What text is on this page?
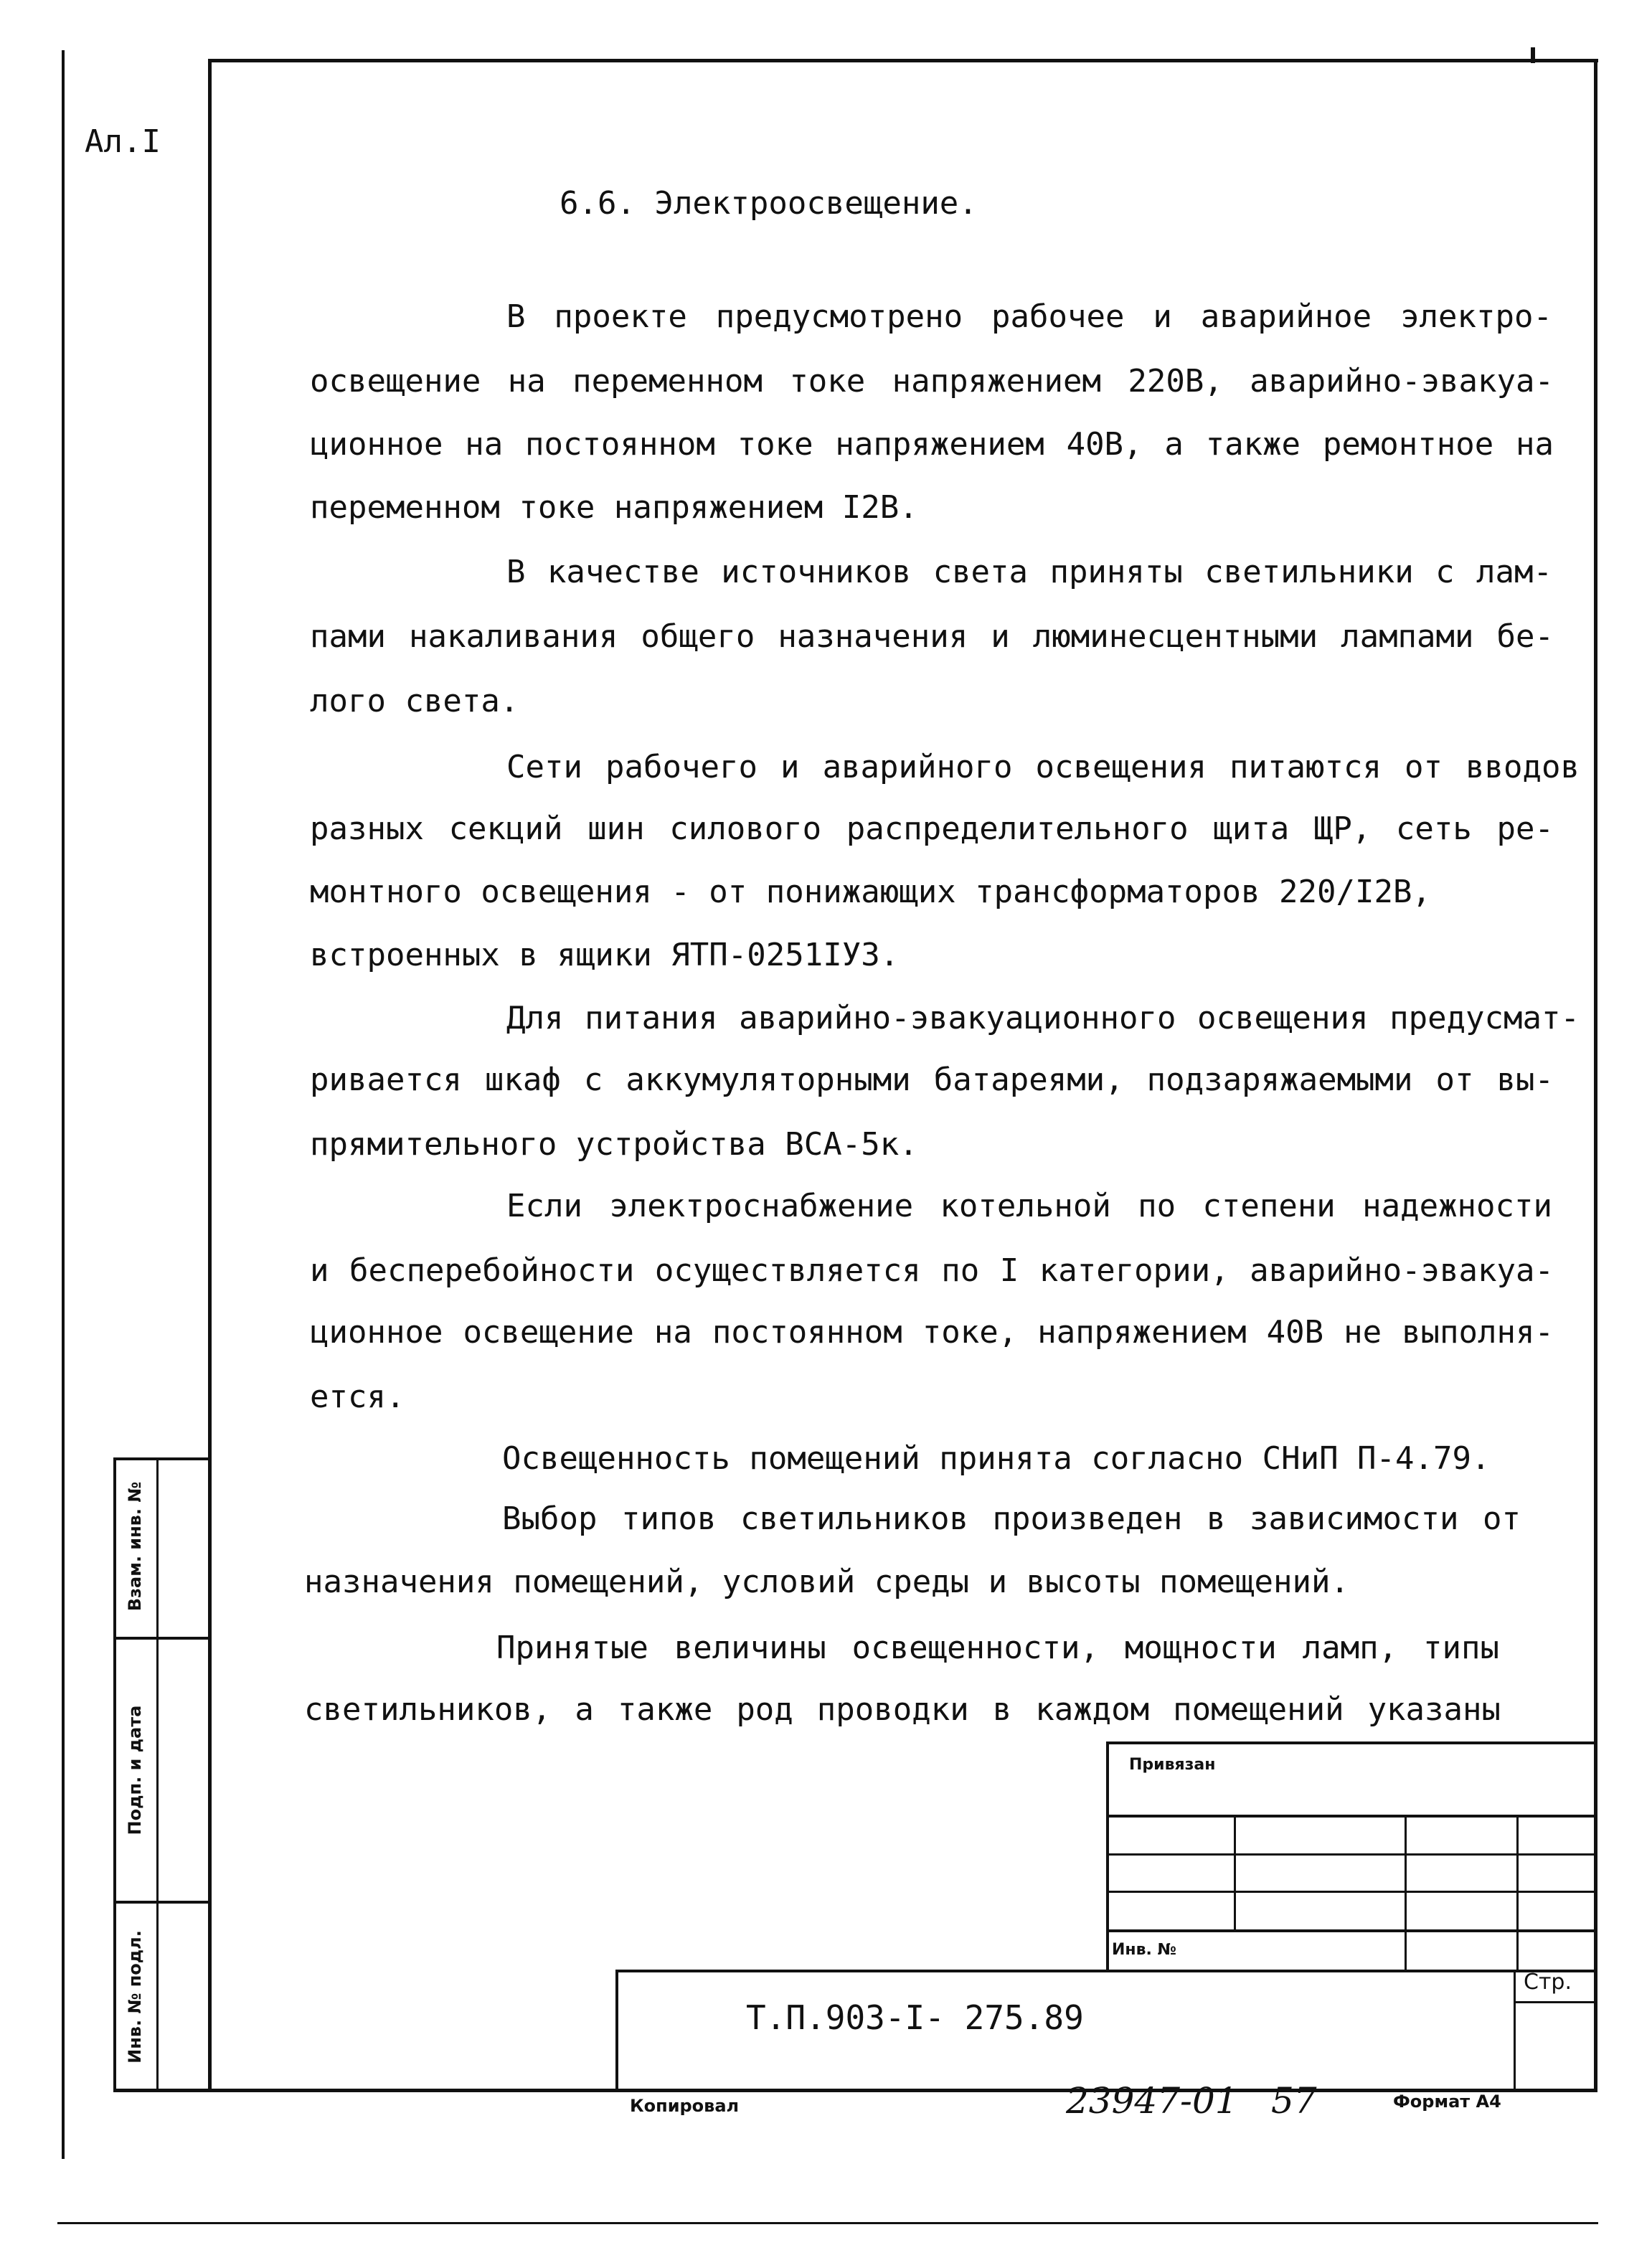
Взам. инв. №
Подп. и дата
Инв. № подл.
Привязан
Инв. №
Стр.
Т.П.903-I- 275.89
Копировал	23947-01 57	Формат А4
Ал.I
6.6. Электроосвещение.
В проекте предусмотрено рабочее и аварийное электро-
освещение на переменном токе напряжением 220В, аварийно-эвакуа-
ционное на постоянном токе напряжением 40В, а также ремонтное на
переменном токе напряжением I2В.
В качестве источников света приняты светильники с лам-
пами накаливания общего назначения и люминесцентными лампами бе-
лого света.
Сети рабочего и аварийного освещения питаются от вводов
разных секций шин силового распределительного щита ЩР, сеть ре-
монтного освещения - от понижающих трансформаторов 220/I2В,
встроенных в ящики ЯТП-0251IУЗ.
Для питания аварийно-эвакуационного освещения предусмат-
ривается шкаф с аккумуляторными батареями, подзаряжаемыми от вы-
прямительного устройства ВСА-5к.
Если электроснабжение котельной по степени надежности
и бесперебойности осуществляется по I категории, аварийно-эвакуа-
ционное освещение на постоянном токе, напряжением 40В не выполня-
ется.
Освещенность помещений принята согласно СНиП П-4.79.
Выбор типов светильников произведен в зависимости от
назначения помещений, условий среды и высоты помещений.
Принятые величины освещенности, мощности ламп, типы
светильников, а также род проводки в каждом помещений указаны
